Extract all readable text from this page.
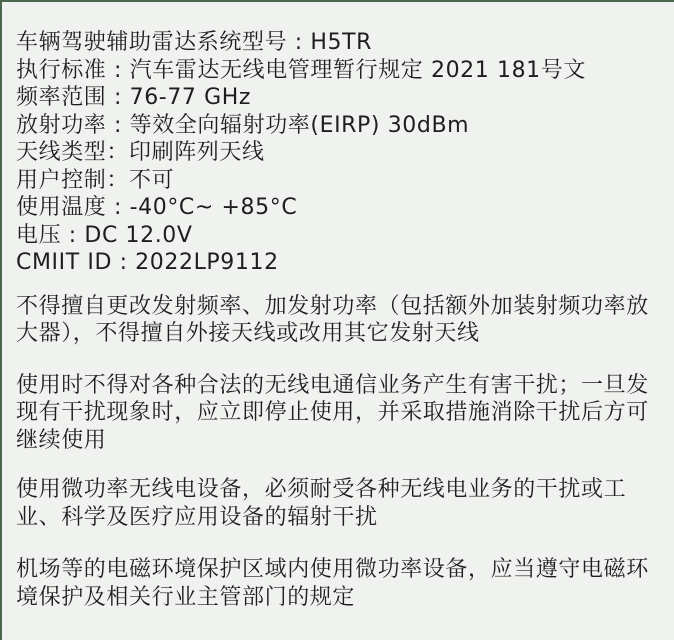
车辆驾驶辅助雷达系统型号 : H5TR
执行标准 : 汽车雷达无线电管理暂行规定 2021 181号文
频率范围 : 76-77 GHz
放射功率 : 等效全向辐射功率(EIRP) 30dBm
天线类型：印刷阵列天线
用户控制：不可
使用温度 : -40°C~ +85°C
电压 : DC 12.0V
CMIIT ID : 2022LP9112
不得擅自更改发射频率、加发射功率（包括额外加装射频功率放
大器），不得擅自外接天线或改用其它发射天线
使用时不得对各种合法的无线电通信业务产生有害干扰；一旦发
现有干扰现象时，应立即停止使用，并采取措施消除干扰后方可
继续使用
使用微功率无线电设备，必须耐受各种无线电业务的干扰或工
业、科学及医疗应用设备的辐射干扰
机场等的电磁环境保护区域内使用微功率设备，应当遵守电磁环
境保护及相关行业主管部门的规定
